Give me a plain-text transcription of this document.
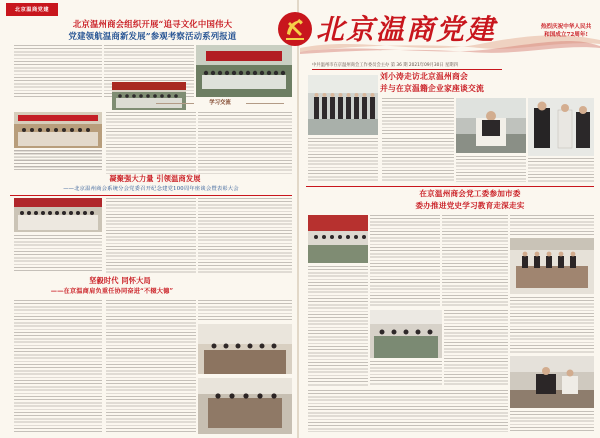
北京温商党建
北京温州商会组织开展“追寻文化中国伟大
党建领航温商新发展”参观考察活动系列报道
学习交流
凝聚强大力量 引领温商发展
——北京温州商会系统分会党委召开纪念建党100周年座谈会暨表彰大会
坚毅时代 同怀大局
——在京温商肩负重任协同奋进“不辍大德”
北京温商党建
中共温州市在京温州商会工作委员会主办 第 36 期 2021年09月30日 星期四
热烈庆祝中华人民共
和国成立72周年!
刘小涛走访北京温州商会
并与在京温籍企业家座谈交流
在京温州商会党工委参加市委
委办推进党史学习教育走深走实
